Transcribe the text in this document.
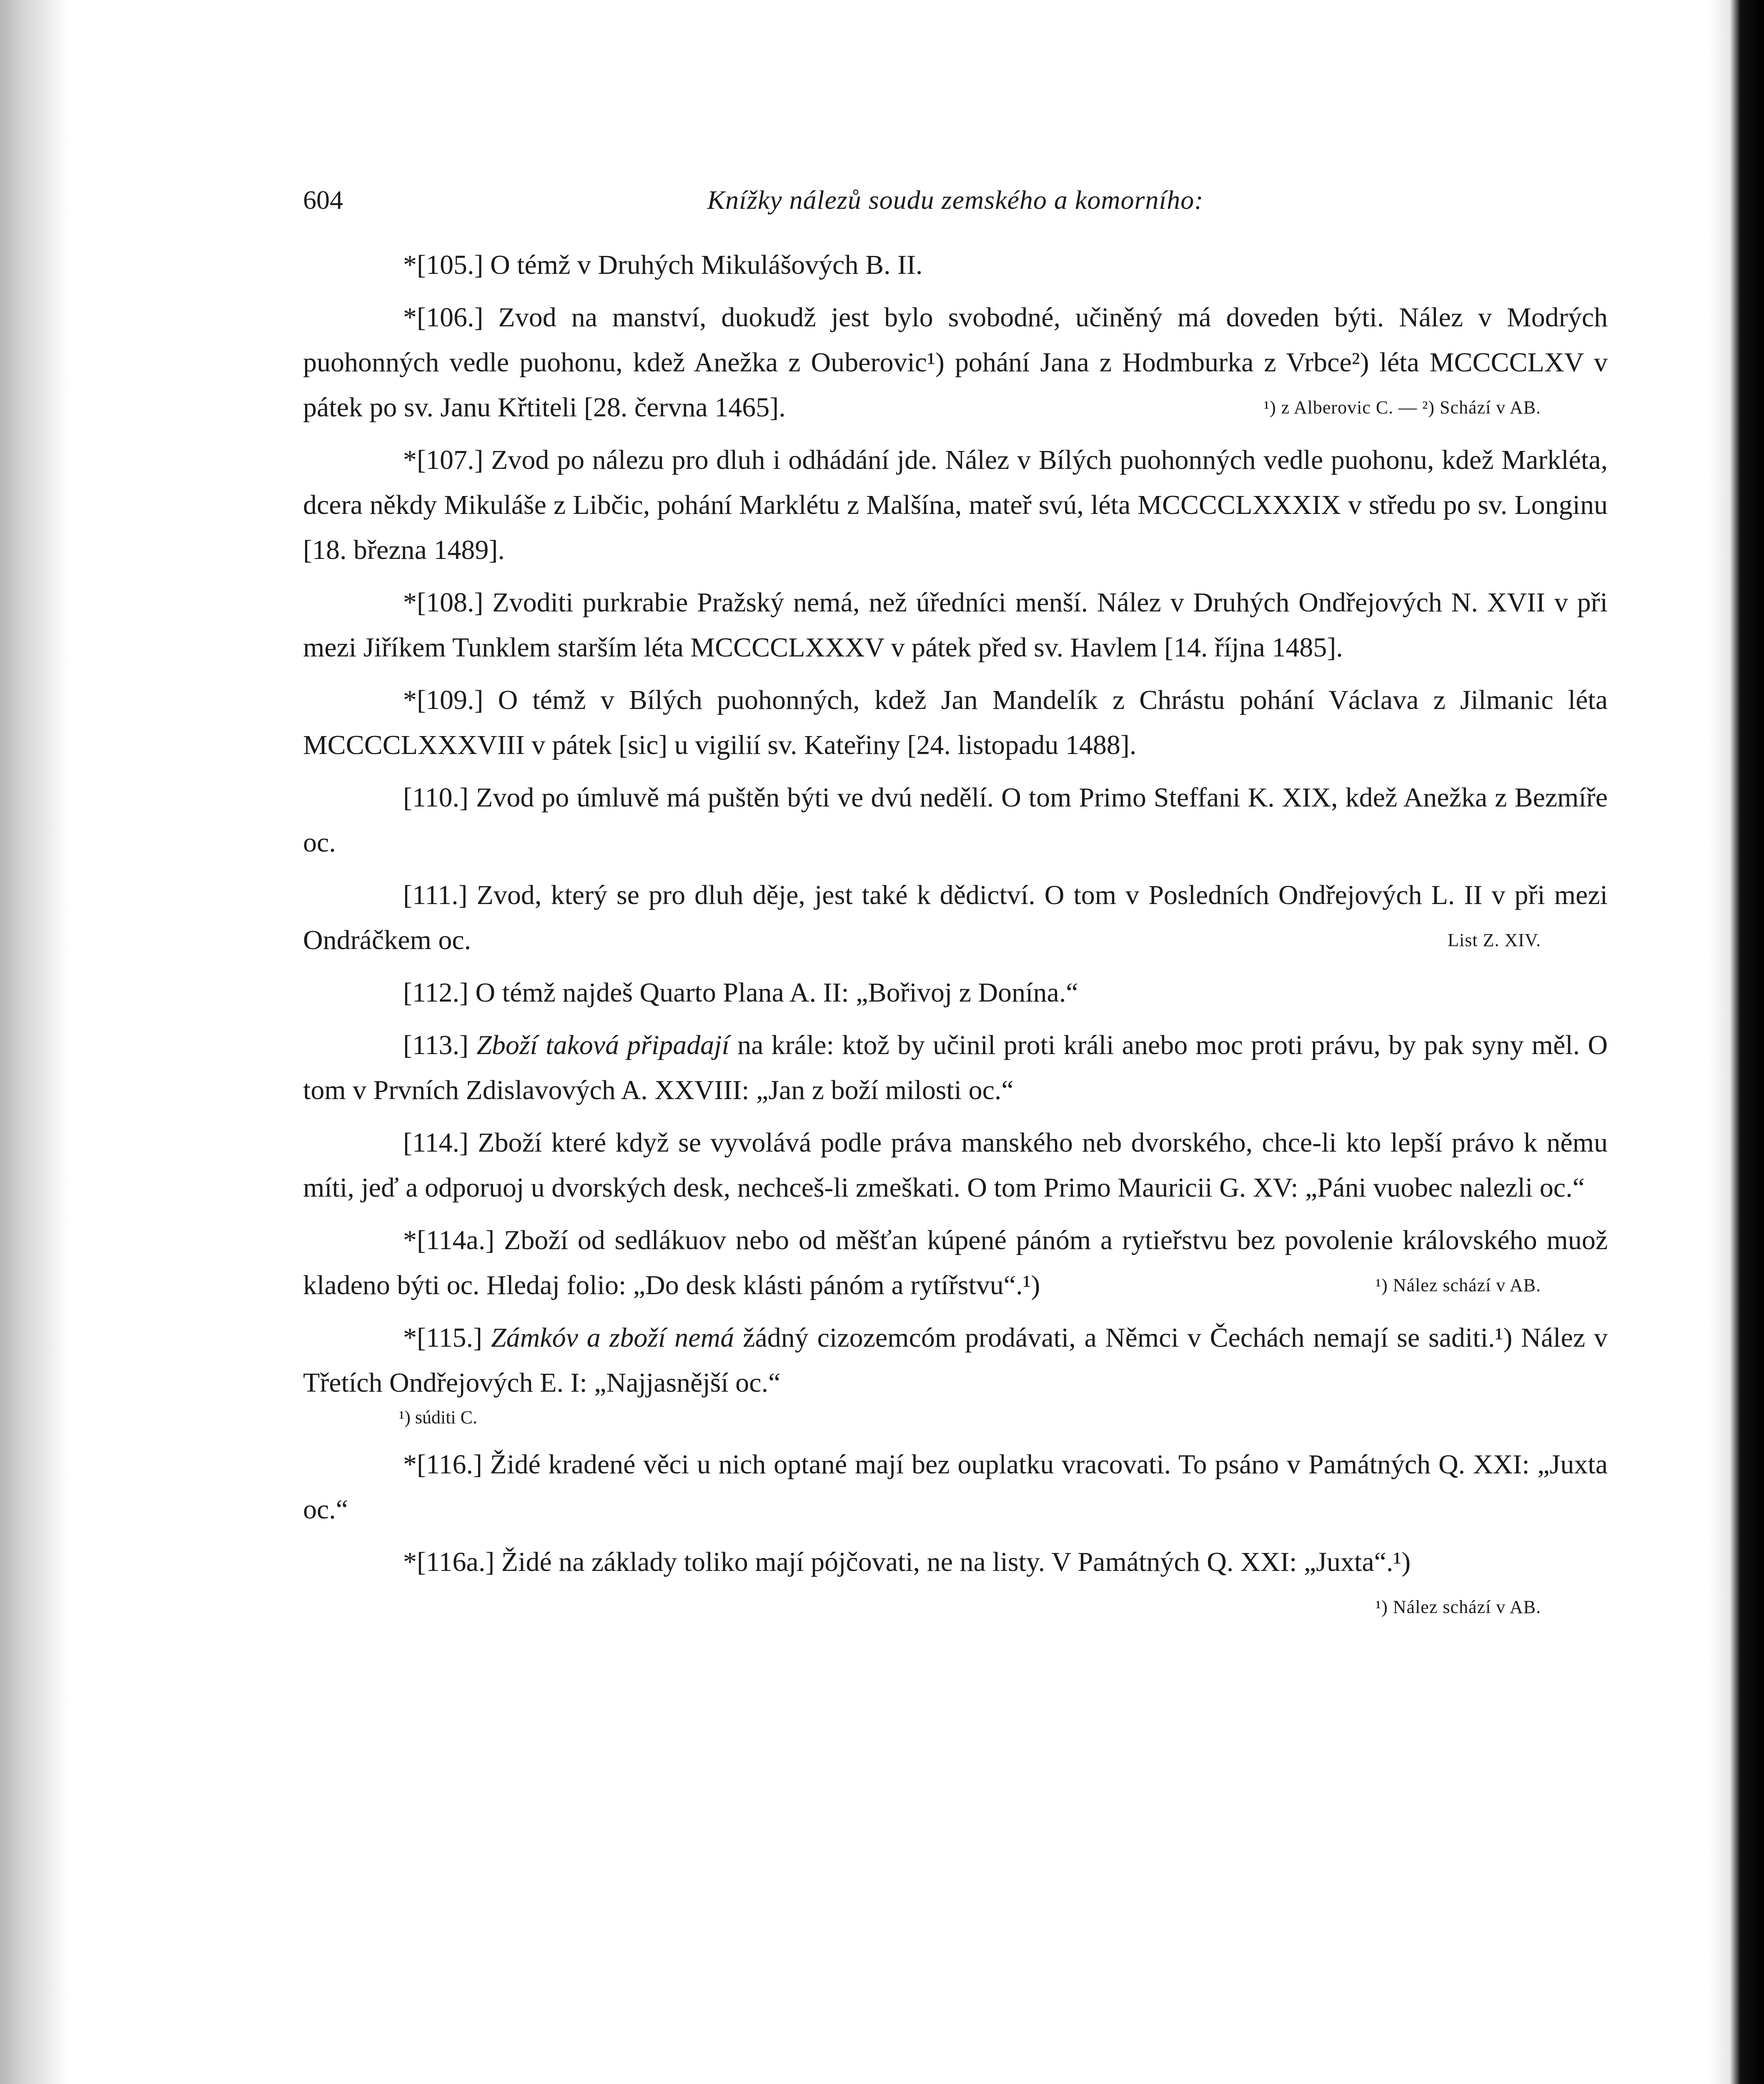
604	Knížky nálezů soudu zemského a komorního:

*[105.] O témž v Druhých Mikulášových B. II.

*[106.] Zvod na manství, duokudž jest bylo svobodné, učiněný má doveden býti. Nález v Modrých puohonných vedle puohonu, kdež Anežka z Ouberovic¹) pohání Jana z Hodmburka z Vrbce²) léta MCCCCLXV v pátek po sv. Janu Křtiteli [28. června 1465].	¹) z Alberovic C. — ²) Schází v AB.

*[107.] Zvod po nálezu pro dluh i odhádání jde. Nález v Bílých puohonných vedle puohonu, kdež Markléta, dcera někdy Mikuláše z Libčic, pohání Marklétu z Malšína, mateř svú, léta MCCCCLXXXIX v středu po sv. Longinu [18. března 1489].

*[108.] Zvoditi purkrabie Pražský nemá, než úředníci menší. Nález v Druhých Ondřejových N. XVII v při mezi Jiříkem Tunklem starším léta MCCCCLXXXV v pátek před sv. Havlem [14. října 1485].

*[109.] O témž v Bílých puohonných, kdež Jan Mandelík z Chrástu pohání Václava z Jilmanic léta MCCCCLXXXVIII v pátek [sic] u vigilií sv. Kateřiny [24. listopadu 1488].

[110.] Zvod po úmluvě má puštěn býti ve dvú nedělí. O tom Primo Steffani K. XIX, kdež Anežka z Bezmíře oc.

[111.] Zvod, který se pro dluh děje, jest také k dědictví. O tom v Posledních Ondřejových L. II v při mezi Ondráčkem oc.	List Z. XIV.

[112.] O témž najdeš Quarto Plana A. II: „Bořivoj z Donína.“

[113.] Zboží taková připadají na krále: ktož by učinil proti králi anebo moc proti právu, by pak syny měl. O tom v Prvních Zdislavových A. XXVIII: „Jan z boží milosti oc.“

[114.] Zboží které když se vyvolává podle práva manského neb dvorského, chce-li kto lepší právo k němu míti, jeď a odporuoj u dvorských desk, nechceš-li zmeškati. O tom Primo Mauricii G. XV: „Páni vuobec nalezli oc.“

*[114a.] Zboží od sedlákuov nebo od měšťan kúpené pánóm a rytieřstvu bez povolenie královského muož kladeno býti oc. Hledaj folio: „Do desk klásti pánóm a rytířstvu“.¹)	¹) Nález schází v AB.

*[115.] Zámkóv a zboží nemá žádný cizozemcóm prodávati, a Němci v Čechách nemají se saditi.¹) Nález v Třetích Ondřejových E. I: „Najjasnější oc.“

¹) súditi C.

*[116.] Židé kradené věci u nich optané mají bez ouplatku vracovati. To psáno v Památných Q. XXI: „Juxta oc.“

*[116a.] Židé na základy toliko mají pójčovati, ne na listy. V Památných Q. XXI: „Juxta“.¹)
¹) Nález schází v AB.
